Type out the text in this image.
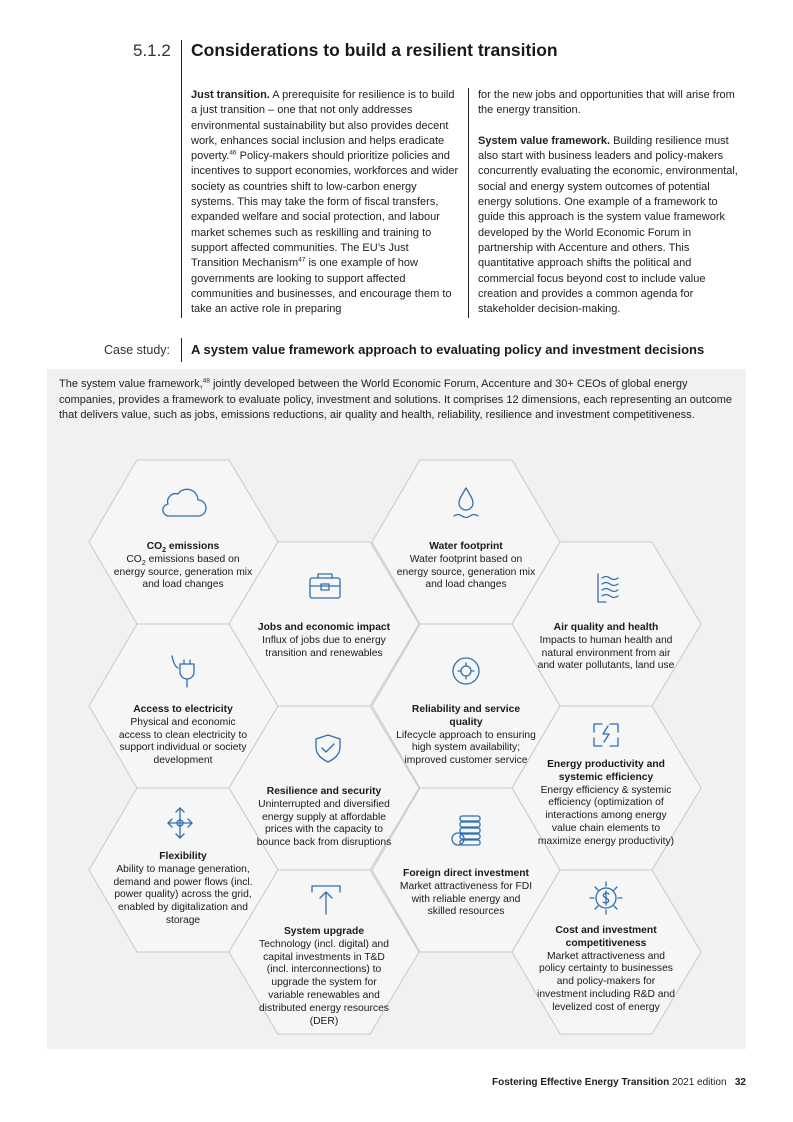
5.1.2 Considerations to build a resilient transition

Just transition. A prerequisite for resilience is to build a just transition – one that not only addresses environmental sustainability but also provides decent work, enhances social inclusion and helps eradicate poverty.$^{46}$ Policy-makers should prioritize policies and incentives to support economies, workforces and wider society as countries shift to low-carbon energy systems. This may take the form of fiscal transfers, expanded welfare and social protection, and labour market schemes such as reskilling and training to support affected communities. The EU’s Just Transition Mechanism$^{47}$ is one example of how governments are looking to support affected communities and businesses, and encourage them to take an active role in preparing

for the new jobs and opportunities that will arise from the energy transition.

System value framework. Building resilience must also start with business leaders and policy-makers concurrently evaluating the economic, environmental, social and energy system outcomes of potential energy solutions. One example of a framework to guide this approach is the system value framework developed by the World Economic Forum in partnership with Accenture and others. This quantitative approach shifts the political and commercial focus beyond cost to include value creation and provides a common agenda for stakeholder decision-making.

Case study: A system value framework approach to evaluating policy and investment decisions
The system value framework,$^{48}$ jointly developed between the World Economic Forum, Accenture and 30+ CEOs of global energy companies, provides a framework to evaluate policy, investment and solutions. It comprises 12 dimensions, each representing an outcome that delivers value, such as jobs, emissions reductions, air quality and health, reliability, resilience and investment competitiveness.
$CO_2$ emissions
$CO_2$ emissions based on energy source, generation mix and load changes
Water footprint
Water footprint based on energy source, generation mix and load changes
Jobs and economic impact
Influx of jobs due to energy transition and renewables
Air quality and health
Impacts to human health and natural environment from air and water pollutants, land use
Access to electricity
Physical and economic access to clean electricity to support individual or society development
Reliability and service quality
Lifecycle approach to ensuring high system availability; improved customer service
Resilience and security
Uninterrupted and diversified energy supply at affordable prices with the capacity to bounce back from disruptions
Energy productivity and systemic efficiency
Energy efficiency & systemic efficiency (optimization of interactions among energy value chain elements to maximize energy productivity)
Flexibility
Ability to manage generation, demand and power flows (incl. power quality) across the grid, enabled by digitalization and storage
Foreign direct investment
Market attractiveness for FDI with reliable energy and skilled resources
System upgrade
Technology (incl. digital) and capital investments in T&D (incl. interconnections) to upgrade the system for variable renewables and distributed energy resources (DER)
Cost and investment competitiveness
Market attractiveness and policy certainty to businesses and policy-makers for investment including R&D and levelized cost of energy
Fostering Effective Energy Transition 2021 edition 32
